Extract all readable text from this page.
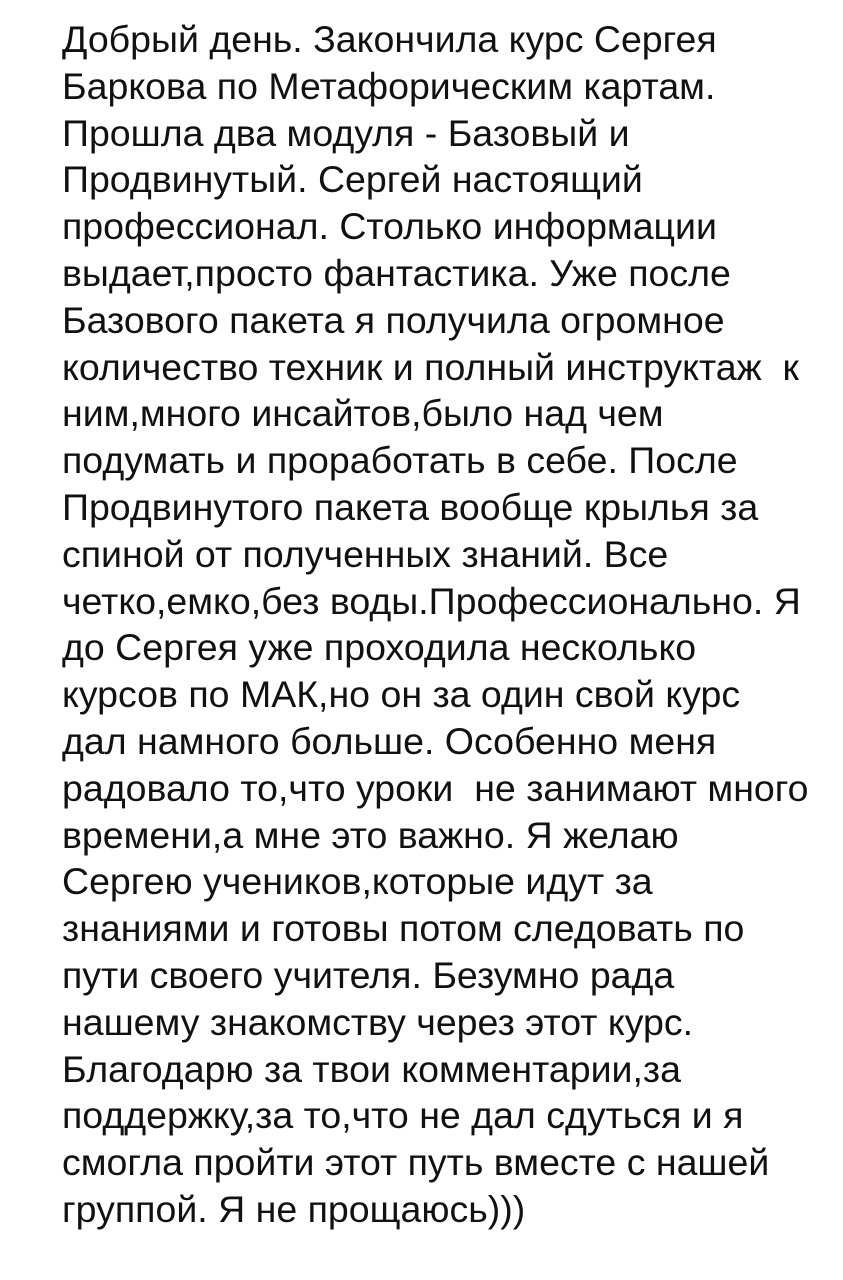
Добрый день. Закончила курс Сергея
Баркова по Метафорическим картам.
Прошла два модуля - Базовый и
Продвинутый. Сергей настоящий
профессионал. Столько информации
выдает,просто фантастика. Уже после
Базового пакета я получила огромное
количество техник и полный инструктаж  к
ним,много инсайтов,было над чем
подумать и проработать в себе. После
Продвинутого пакета вообще крылья за
спиной от полученных знаний. Все
четко,емко,без воды.Профессионально. Я
до Сергея уже проходила несколько
курсов по МАК,но он за один свой курс
дал намного больше. Особенно меня
радовало то,что уроки  не занимают много
времени,а мне это важно. Я желаю
Сергею учеников,которые идут за
знаниями и готовы потом следовать по
пути своего учителя. Безумно рада
нашему знакомству через этот курс.
Благодарю за твои комментарии,за
поддержку,за то,что не дал сдуться и я
смогла пройти этот путь вместе с нашей
группой. Я не прощаюсь)))
